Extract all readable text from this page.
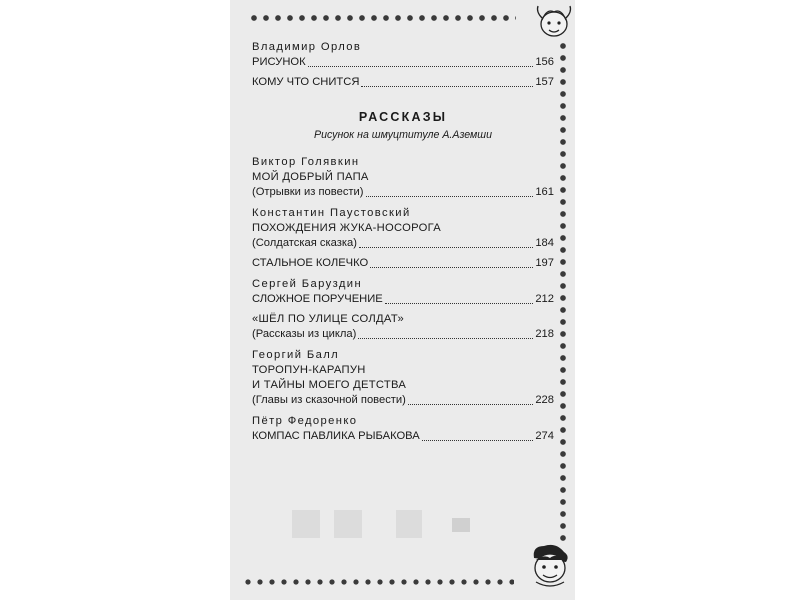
Владимир Орлов
РИСУНОК	156
КОМУ ЧТО СНИТСЯ	157
РАССКАЗЫ
Рисунок на шмуцтитуле А.Аземши
Виктор Голявкин
МОЙ ДОБРЫЙ ПАПА
(Отрывки из повести)	161
Константин Паустовский
ПОХОЖДЕНИЯ ЖУКА-НОСОРОГА
(Солдатская сказка)	184
СТАЛЬНОЕ КОЛЕЧКО	197
Сергей Баруздин
СЛОЖНОЕ ПОРУЧЕНИЕ	212
«ШЁЛ ПО УЛИЦЕ СОЛДАТ»
(Рассказы из цикла)	218
Георгий Балл
ТОРОПУН-КАРАПУН
И ТАЙНЫ МОЕГО ДЕТСТВА
(Главы из сказочной повести)	228
Пётр Федоренко
КОМПАС ПАВЛИКА РЫБАКОВА	274
